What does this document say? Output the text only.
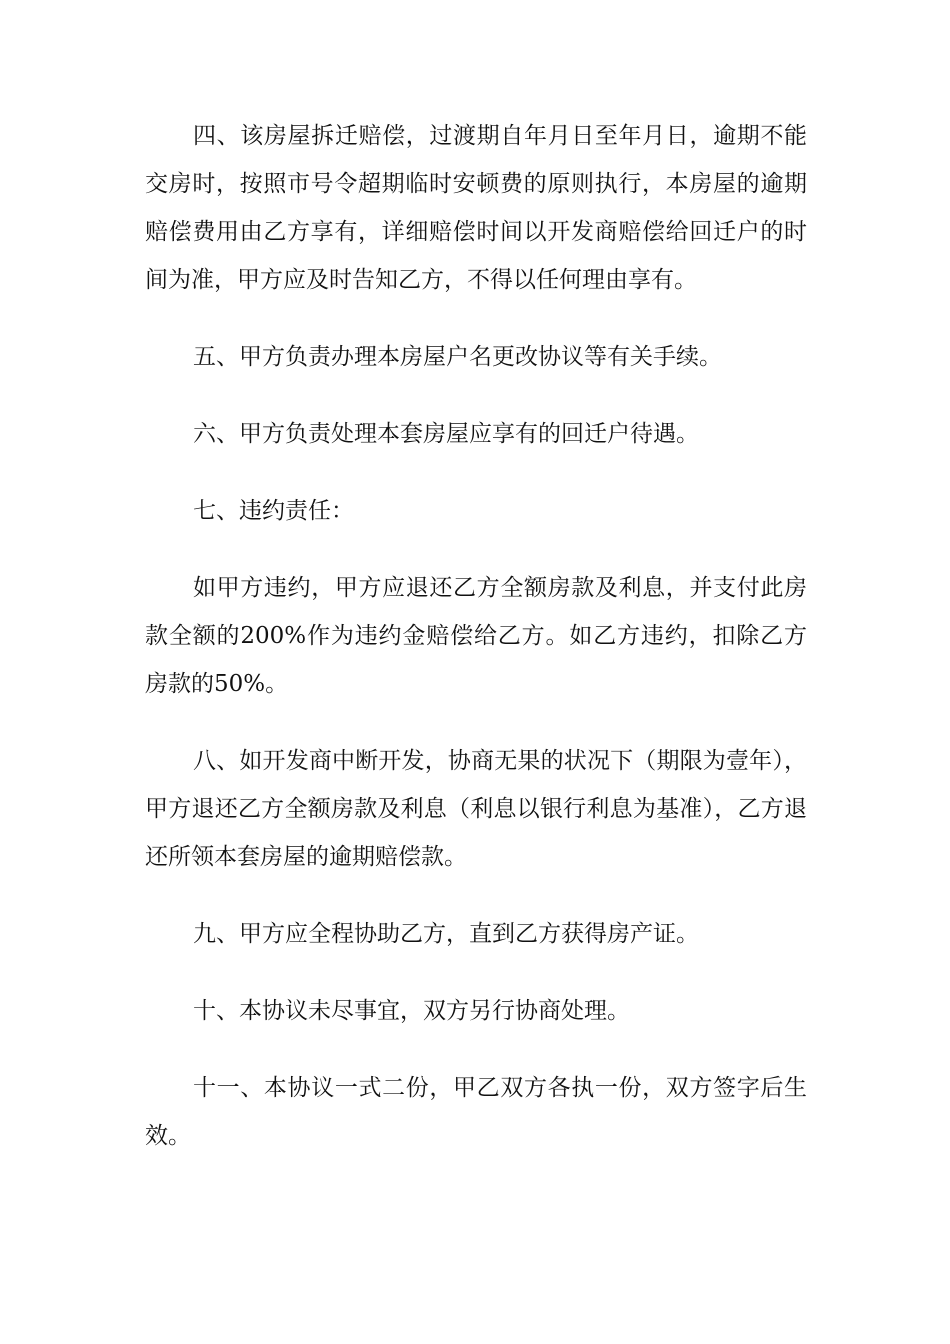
四、该房屋拆迁赔偿，过渡期自年月日至年月日，逾期不能交房时，按照市号令超期临时安顿费的原则执行，本房屋的逾期赔偿费用由乙方享有，详细赔偿时间以开发商赔偿给回迁户的时间为准，甲方应及时告知乙方，不得以任何理由享有。

五、甲方负责办理本房屋户名更改协议等有关手续。

六、甲方负责处理本套房屋应享有的回迁户待遇。

七、违约责任：

如甲方违约，甲方应退还乙方全额房款及利息，并支付此房款全额的200%作为违约金赔偿给乙方。如乙方违约，扣除乙方房款的50%。

八、如开发商中断开发，协商无果的状况下（期限为壹年），甲方退还乙方全额房款及利息（利息以银行利息为基准），乙方退还所领本套房屋的逾期赔偿款。

九、甲方应全程协助乙方，直到乙方获得房产证。

十、本协议未尽事宜，双方另行协商处理。

十一、本协议一式二份，甲乙双方各执一份，双方签字后生效。
